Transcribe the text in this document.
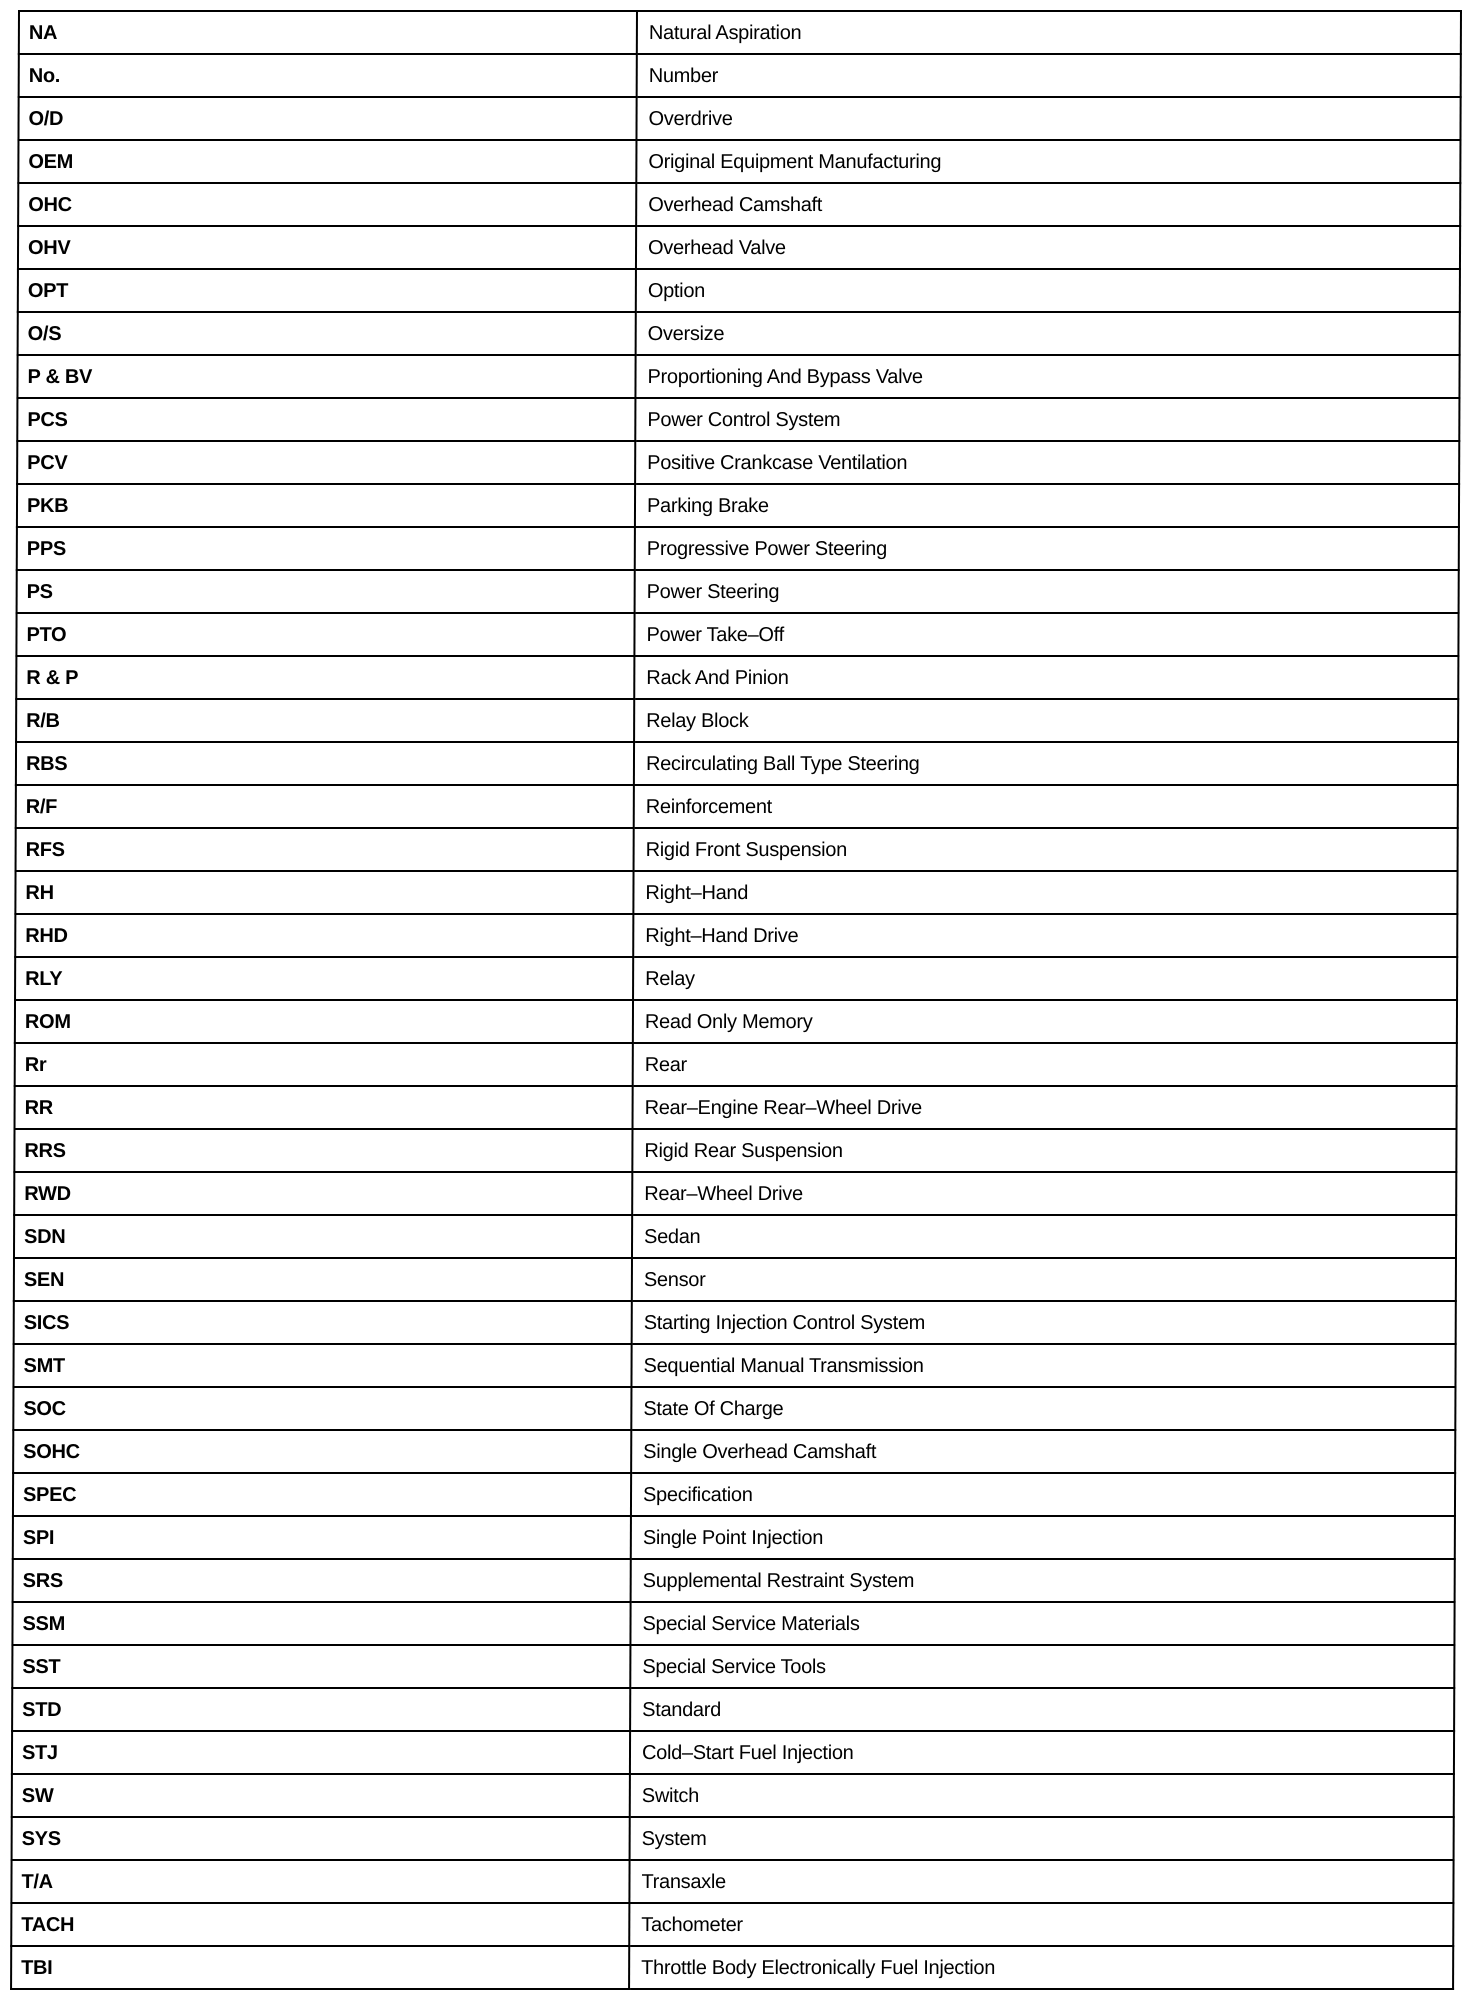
NA	Natural Aspiration
No.	Number
O/D	Overdrive
OEM	Original Equipment Manufacturing
OHC	Overhead Camshaft
OHV	Overhead Valve
OPT	Option
O/S	Oversize
P & BV	Proportioning And Bypass Valve
PCS	Power Control System
PCV	Positive Crankcase Ventilation
PKB	Parking Brake
PPS	Progressive Power Steering
PS	Power Steering
PTO	Power Take–Off
R & P	Rack And Pinion
R/B	Relay Block
RBS	Recirculating Ball Type Steering
R/F	Reinforcement
RFS	Rigid Front Suspension
RH	Right–Hand
RHD	Right–Hand Drive
RLY	Relay
ROM	Read Only Memory
Rr	Rear
RR	Rear–Engine Rear–Wheel Drive
RRS	Rigid Rear Suspension
RWD	Rear–Wheel Drive
SDN	Sedan
SEN	Sensor
SICS	Starting Injection Control System
SMT	Sequential Manual Transmission
SOC	State Of Charge
SOHC	Single Overhead Camshaft
SPEC	Specification
SPI	Single Point Injection
SRS	Supplemental Restraint System
SSM	Special Service Materials
SST	Special Service Tools
STD	Standard
STJ	Cold–Start Fuel Injection
SW	Switch
SYS	System
T/A	Transaxle
TACH	Tachometer
TBI	Throttle Body Electronically Fuel Injection
